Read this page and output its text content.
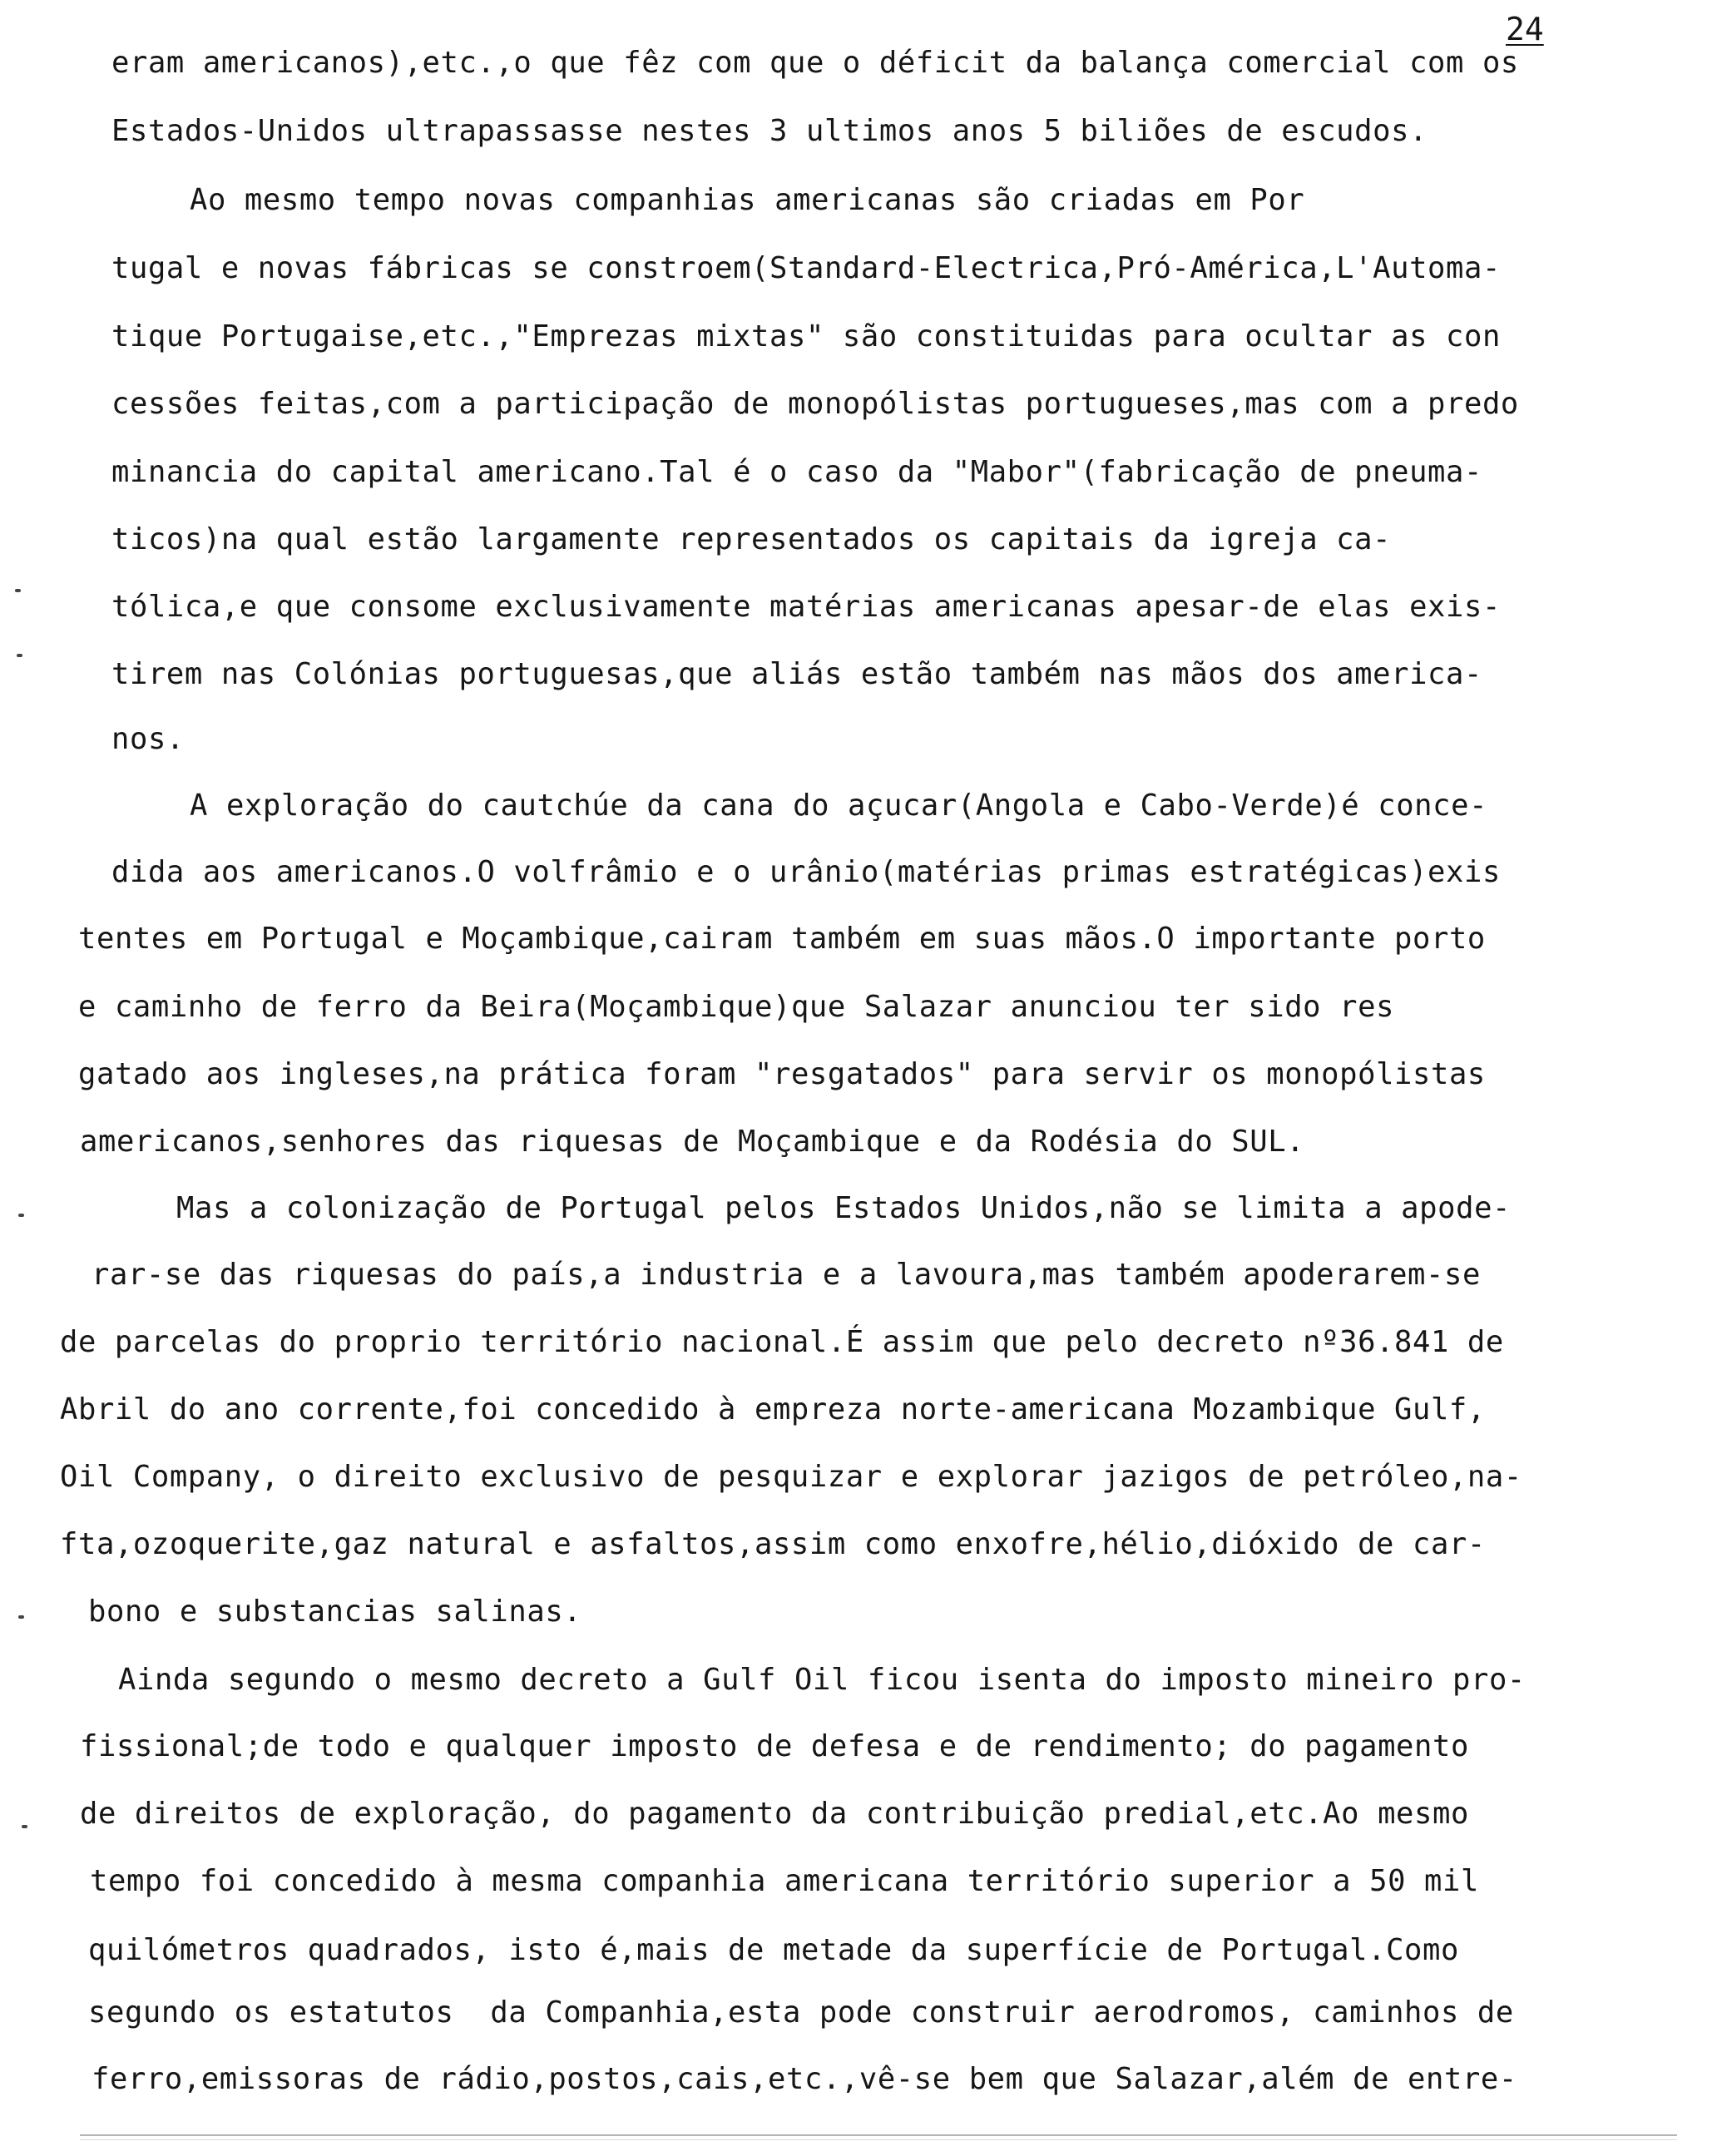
24
eram americanos),etc.,o que fêz com que o déficit da balança comercial com os
Estados-Unidos ultrapassasse nestes 3 ultimos anos 5 biliões de escudos.
Ao mesmo tempo novas companhias americanas são criadas em Por
tugal e novas fábricas se constroem(Standard-Electrica,Pró-América,L'Automa-
tique Portugaise,etc.,"Emprezas mixtas" são constituidas para ocultar as con
cessões feitas,com a participação de monopólistas portugueses,mas com a predo
minancia do capital americano.Tal é o caso da "Mabor"(fabricação de pneuma-
ticos)na qual estão largamente representados os capitais da igreja ca-
tólica,e que consome exclusivamente matérias americanas apesar-de elas exis-
tirem nas Colónias portuguesas,que aliás estão também nas mãos dos america-
nos.
A exploração do cautchúe da cana do açucar(Angola e Cabo-Verde)é conce-
dida aos americanos.O volfrâmio e o urânio(matérias primas estratégicas)exis
tentes em Portugal e Moçambique,cairam também em suas mãos.O importante porto
e caminho de ferro da Beira(Moçambique)que Salazar anunciou ter sido res
gatado aos ingleses,na prática foram "resgatados" para servir os monopólistas
americanos,senhores das riquesas de Moçambique e da Rodésia do SUL.
Mas a colonização de Portugal pelos Estados Unidos,não se limita a apode-
rar-se das riquesas do país,a industria e a lavoura,mas também apoderarem-se
de parcelas do proprio território nacional.É assim que pelo decreto nº36.841 de
Abril do ano corrente,foi concedido à empreza norte-americana Mozambique Gulf,
Oil Company, o direito exclusivo de pesquizar e explorar jazigos de petróleo,na-
fta,ozoquerite,gaz natural e asfaltos,assim como enxofre,hélio,dióxido de car-
bono e substancias salinas.
Ainda segundo o mesmo decreto a Gulf Oil ficou isenta do imposto mineiro pro-
fissional;de todo e qualquer imposto de defesa e de rendimento; do pagamento
de direitos de exploração, do pagamento da contribuição predial,etc.Ao mesmo
tempo foi concedido à mesma companhia americana território superior a 50 mil
quilómetros quadrados, isto é,mais de metade da superfície de Portugal.Como
segundo os estatutos  da Companhia,esta pode construir aerodromos, caminhos de
ferro,emissoras de rádio,postos,cais,etc.,vê-se bem que Salazar,além de entre-
